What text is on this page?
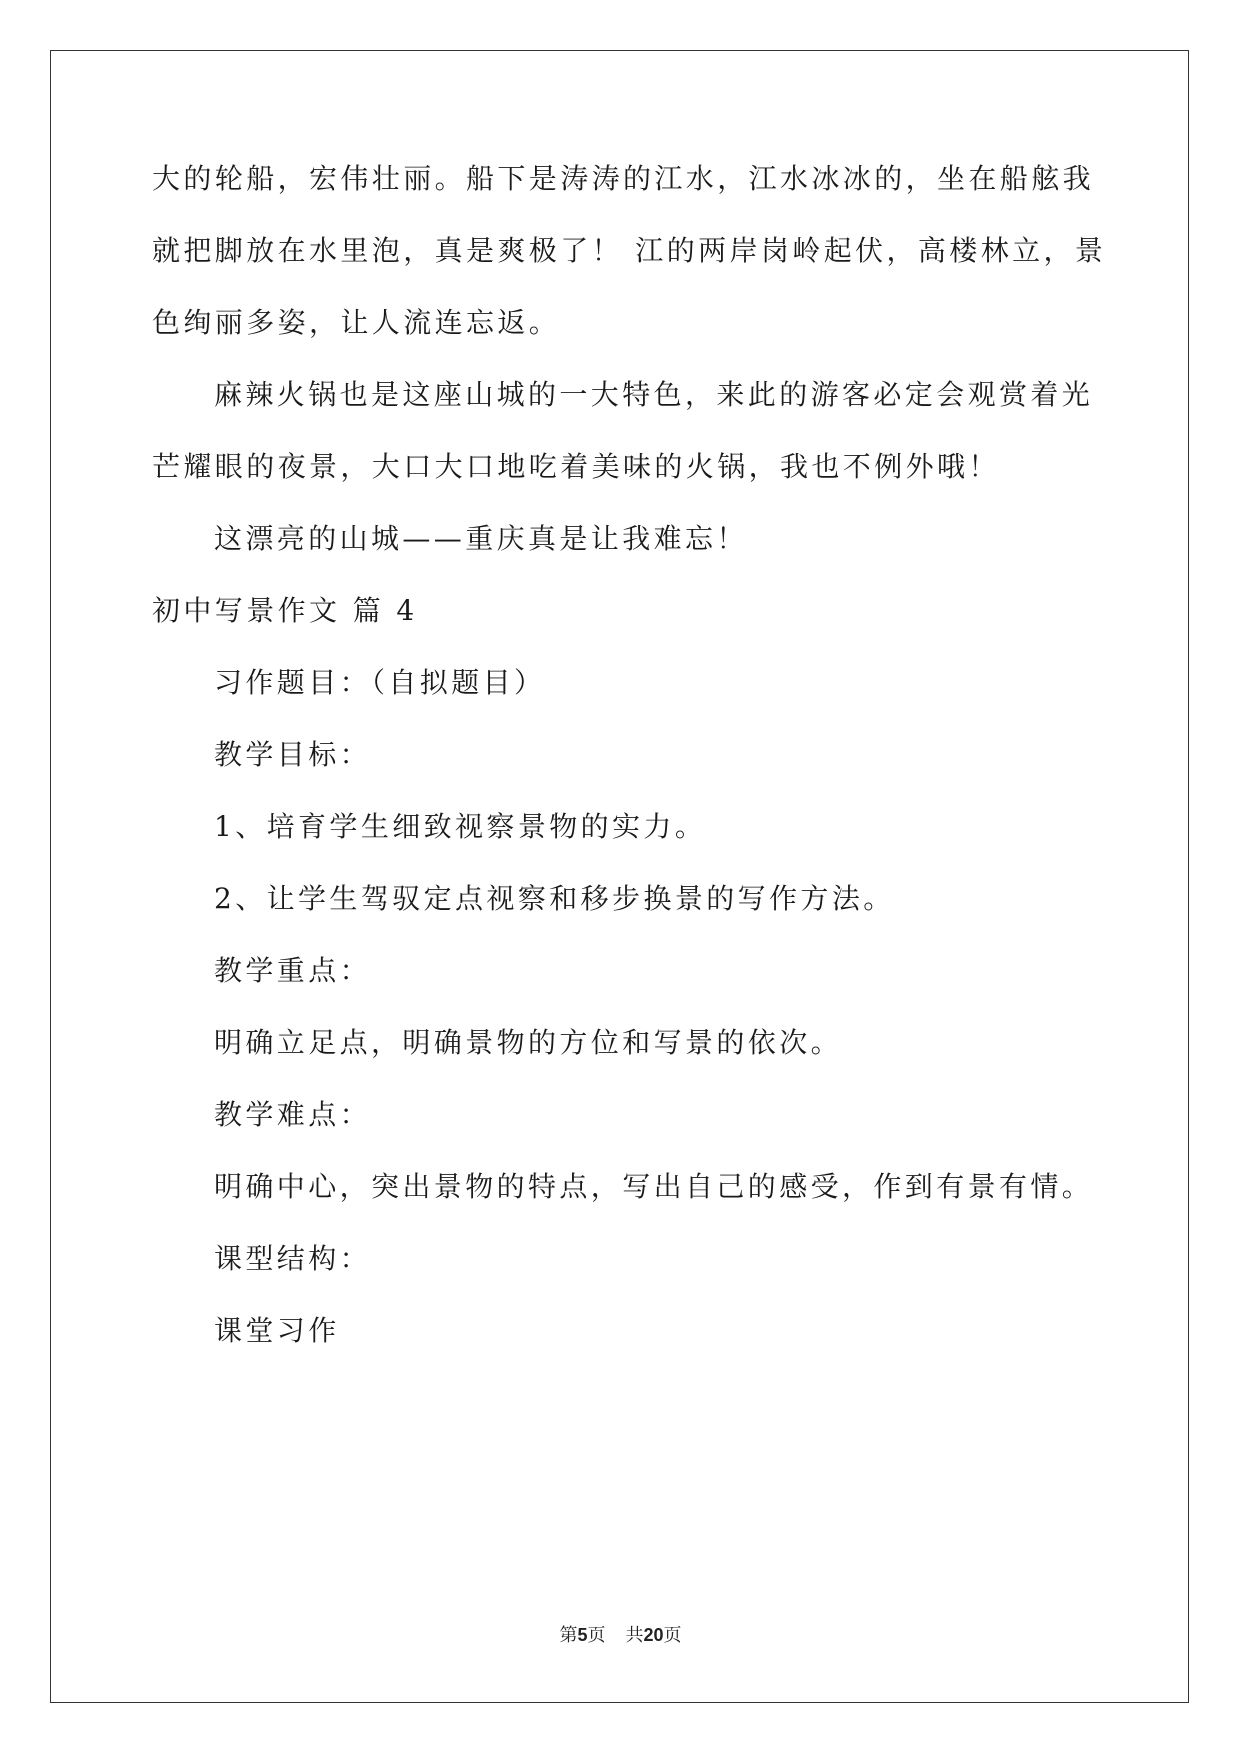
大的轮船，宏伟壮丽。船下是涛涛的江水，江水冰冰的，坐在船舷我
就把脚放在水里泡，真是爽极了！ 江的两岸岗岭起伏，高楼林立，景
色绚丽多姿，让人流连忘返。
麻辣火锅也是这座山城的一大特色，来此的游客必定会观赏着光
芒耀眼的夜景，大口大口地吃着美味的火锅，我也不例外哦！
这漂亮的山城——重庆真是让我难忘！
初中写景作文 篇 4
习作题目：（自拟题目）
教学目标：
1、培育学生细致视察景物的实力。
2、让学生驾驭定点视察和移步换景的写作方法。
教学重点：
明确立足点，明确景物的方位和写景的依次。
教学难点：
明确中心，突出景物的特点，写出自己的感受，作到有景有情。
课型结构：
课堂习作
第5页 共20页
